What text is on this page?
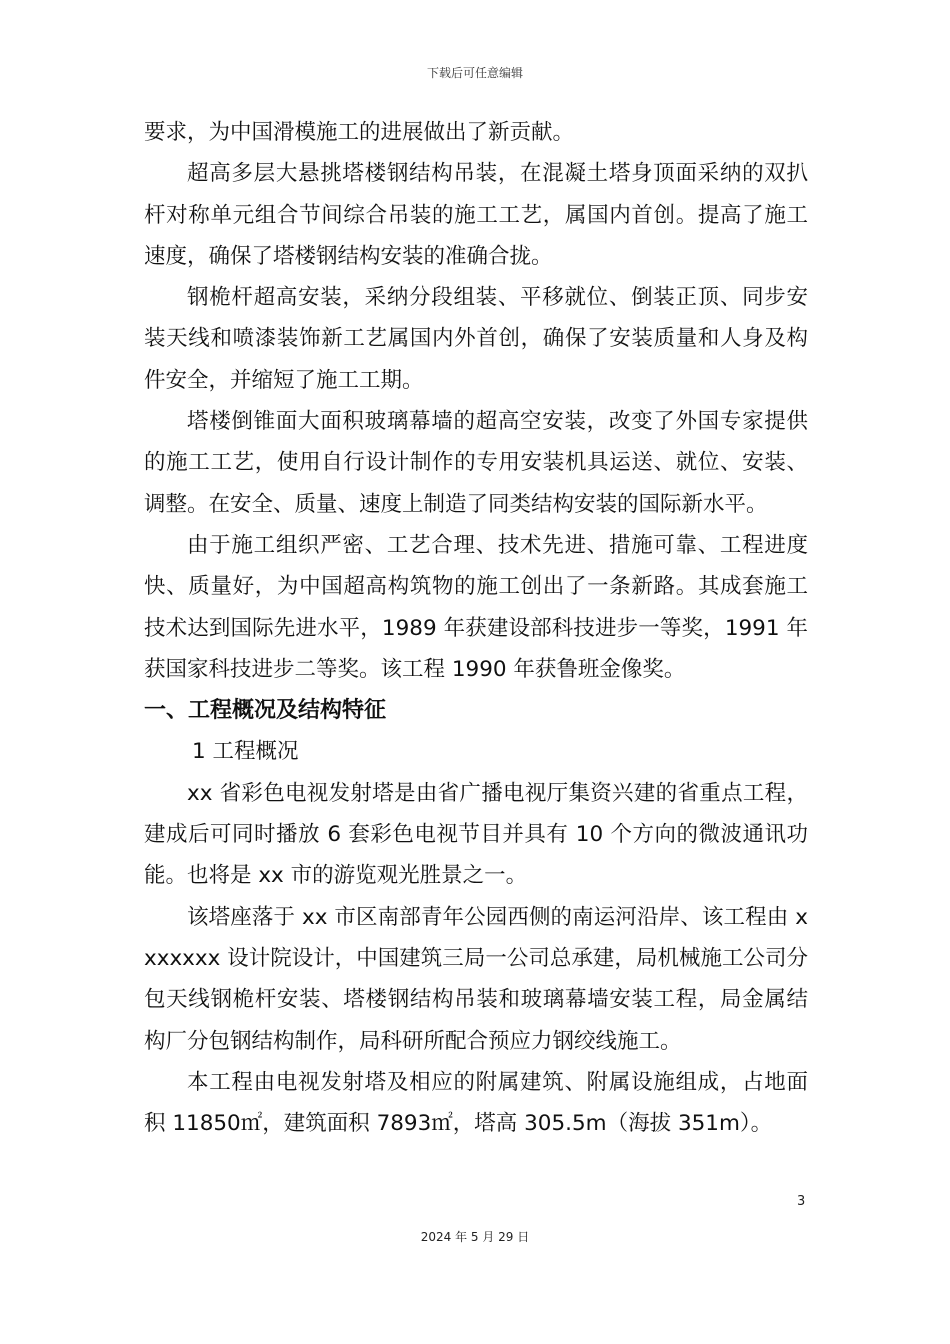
下载后可任意编辑

要求，为中国滑模施工的进展做出了新贡献。

超高多层大悬挑塔楼钢结构吊装，在混凝土塔身顶面采纳的双扒杆对称单元组合节间综合吊装的施工工艺，属国内首创。提高了施工速度，确保了塔楼钢结构安装的准确合拢。

钢桅杆超高安装，采纳分段组装、平移就位、倒装正顶、同步安装天线和喷漆装饰新工艺属国内外首创，确保了安装质量和人身及构件安全，并缩短了施工工期。

塔楼倒锥面大面积玻璃幕墙的超高空安装，改变了外国专家提供的施工工艺，使用自行设计制作的专用安装机具运送、就位、安装、调整。在安全、质量、速度上制造了同类结构安装的国际新水平。

由于施工组织严密、工艺合理、技术先进、措施可靠、工程进度快、质量好，为中国超高构筑物的施工创出了一条新路。其成套施工技术达到国际先进水平，1989 年获建设部科技进步一等奖，1991 年获国家科技进步二等奖。该工程 1990 年获鲁班金像奖。

一、工程概况及结构特征

1 工程概况

xx 省彩色电视发射塔是由省广播电视厅集资兴建的省重点工程，建成后可同时播放 6 套彩色电视节目并具有 10 个方向的微波通讯功能。也将是 xx 市的游览观光胜景之一。

该塔座落于 xx 市区南部青年公园西侧的南运河沿岸、该工程由 xxxxxxx 设计院设计，中国建筑三局一公司总承建，局机械施工公司分包天线钢桅杆安装、塔楼钢结构吊装和玻璃幕墙安装工程，局金属结构厂分包钢结构制作，局科研所配合预应力钢绞线施工。

本工程由电视发射塔及相应的附属建筑、附属设施组成，占地面积 11850㎡，建筑面积 7893㎡，塔高 305.5m（海拔 351m）。

3
2024 年 5 月 29 日
